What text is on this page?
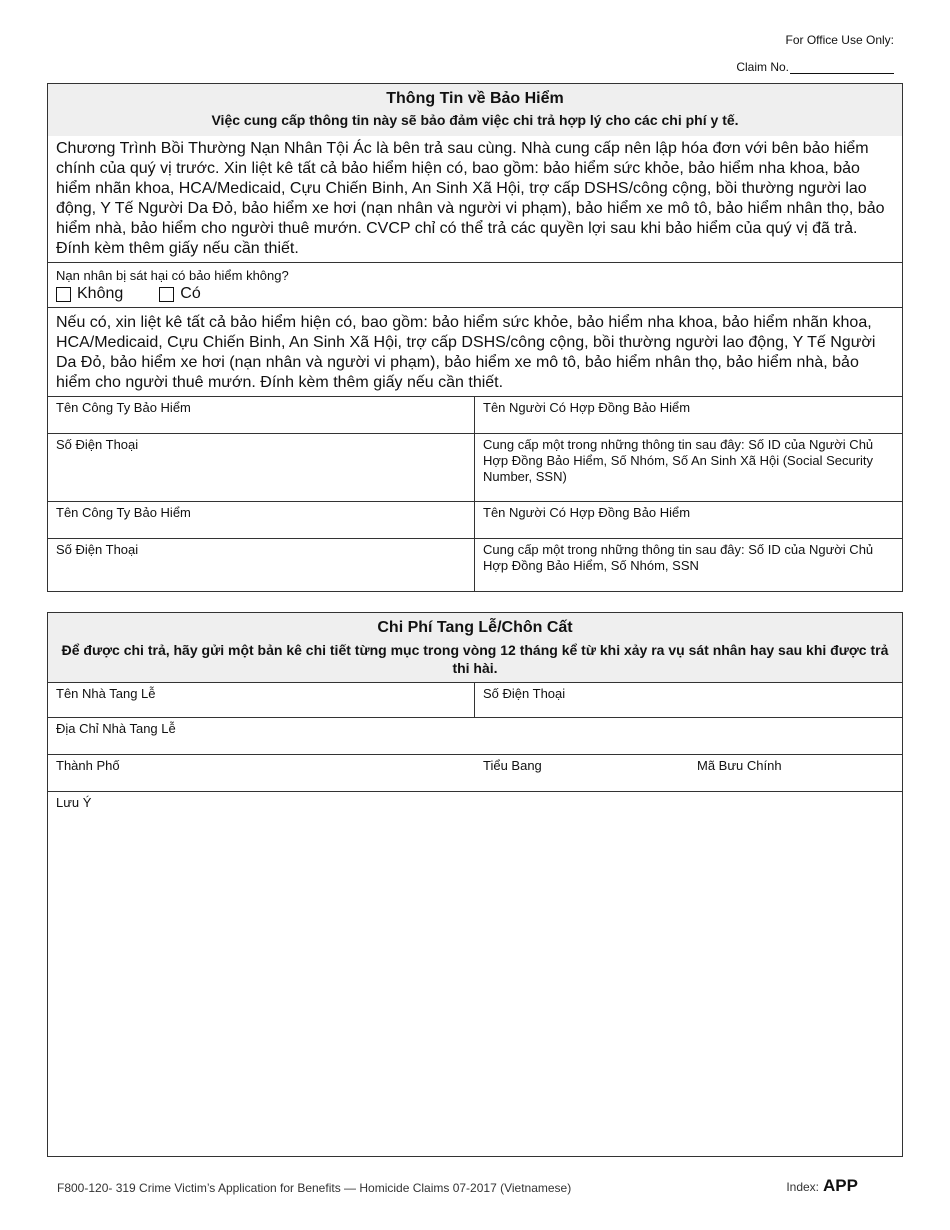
For Office Use Only:
Claim No.
Thông Tin về Bảo Hiểm
Việc cung cấp thông tin này sẽ bảo đảm việc chi trả hợp lý cho các chi phí y tế.
Chương Trình Bồi Thường Nạn Nhân Tội Ác là bên trả sau cùng. Nhà cung cấp nên lập hóa đơn với bên bảo hiểm chính của quý vị trước. Xin liệt kê tất cả bảo hiểm hiện có, bao gồm: bảo hiểm sức khỏe, bảo hiểm nha khoa, bảo hiểm nhãn khoa, HCA/Medicaid, Cựu Chiến Binh, An Sinh Xã Hội, trợ cấp DSHS/công cộng, bồi thường người lao động, Y Tế Người Da Đỏ, bảo hiểm xe hơi (nạn nhân và người vi phạm), bảo hiểm xe mô tô, bảo hiểm nhân thọ, bảo hiểm nhà, bảo hiểm cho người thuê mướn. CVCP chỉ có thể trả các quyền lợi sau khi bảo hiểm của quý vị đã trả. Đính kèm thêm giấy nếu cần thiết.
Nạn nhân bị sát hại có bảo hiểm không?
Không	Có
Nếu có, xin liệt kê tất cả bảo hiểm hiện có, bao gồm: bảo hiểm sức khỏe, bảo hiểm nha khoa, bảo hiểm nhãn khoa, HCA/Medicaid, Cựu Chiến Binh, An Sinh Xã Hội, trợ cấp DSHS/công cộng, bồi thường người lao động, Y Tế Người Da Đỏ, bảo hiểm xe hơi (nạn nhân và người vi phạm), bảo hiểm xe mô tô, bảo hiểm nhân thọ, bảo hiểm nhà, bảo hiểm cho người thuê mướn. Đính kèm thêm giấy nếu cần thiết.
Tên Công Ty Bảo Hiểm	Tên Người Có Hợp Đồng Bảo Hiểm
Số Điện Thoại	Cung cấp một trong những thông tin sau đây: Số ID của Người Chủ Hợp Đồng Bảo Hiểm, Số Nhóm, Số An Sinh Xã Hội (Social Security Number, SSN)
Tên Công Ty Bảo Hiểm	Tên Người Có Hợp Đồng Bảo Hiểm
Số Điện Thoại	Cung cấp một trong những thông tin sau đây: Số ID của Người Chủ Hợp Đồng Bảo Hiểm, Số Nhóm, SSN
Chi Phí Tang Lễ/Chôn Cất
Để được chi trả, hãy gửi một bản kê chi tiết từng mục trong vòng 12 tháng kể từ khi xảy ra vụ sát nhân hay sau khi được trả thi hài.
Tên Nhà Tang Lễ	Số Điện Thoại
Địa Chỉ Nhà Tang Lễ
Thành Phố	Tiểu Bang	Mã Bưu Chính
Lưu Ý
F800-120- 319 Crime Victim’s Application for Benefits — Homicide Claims 07-2017 (Vietnamese)	Index: APP
